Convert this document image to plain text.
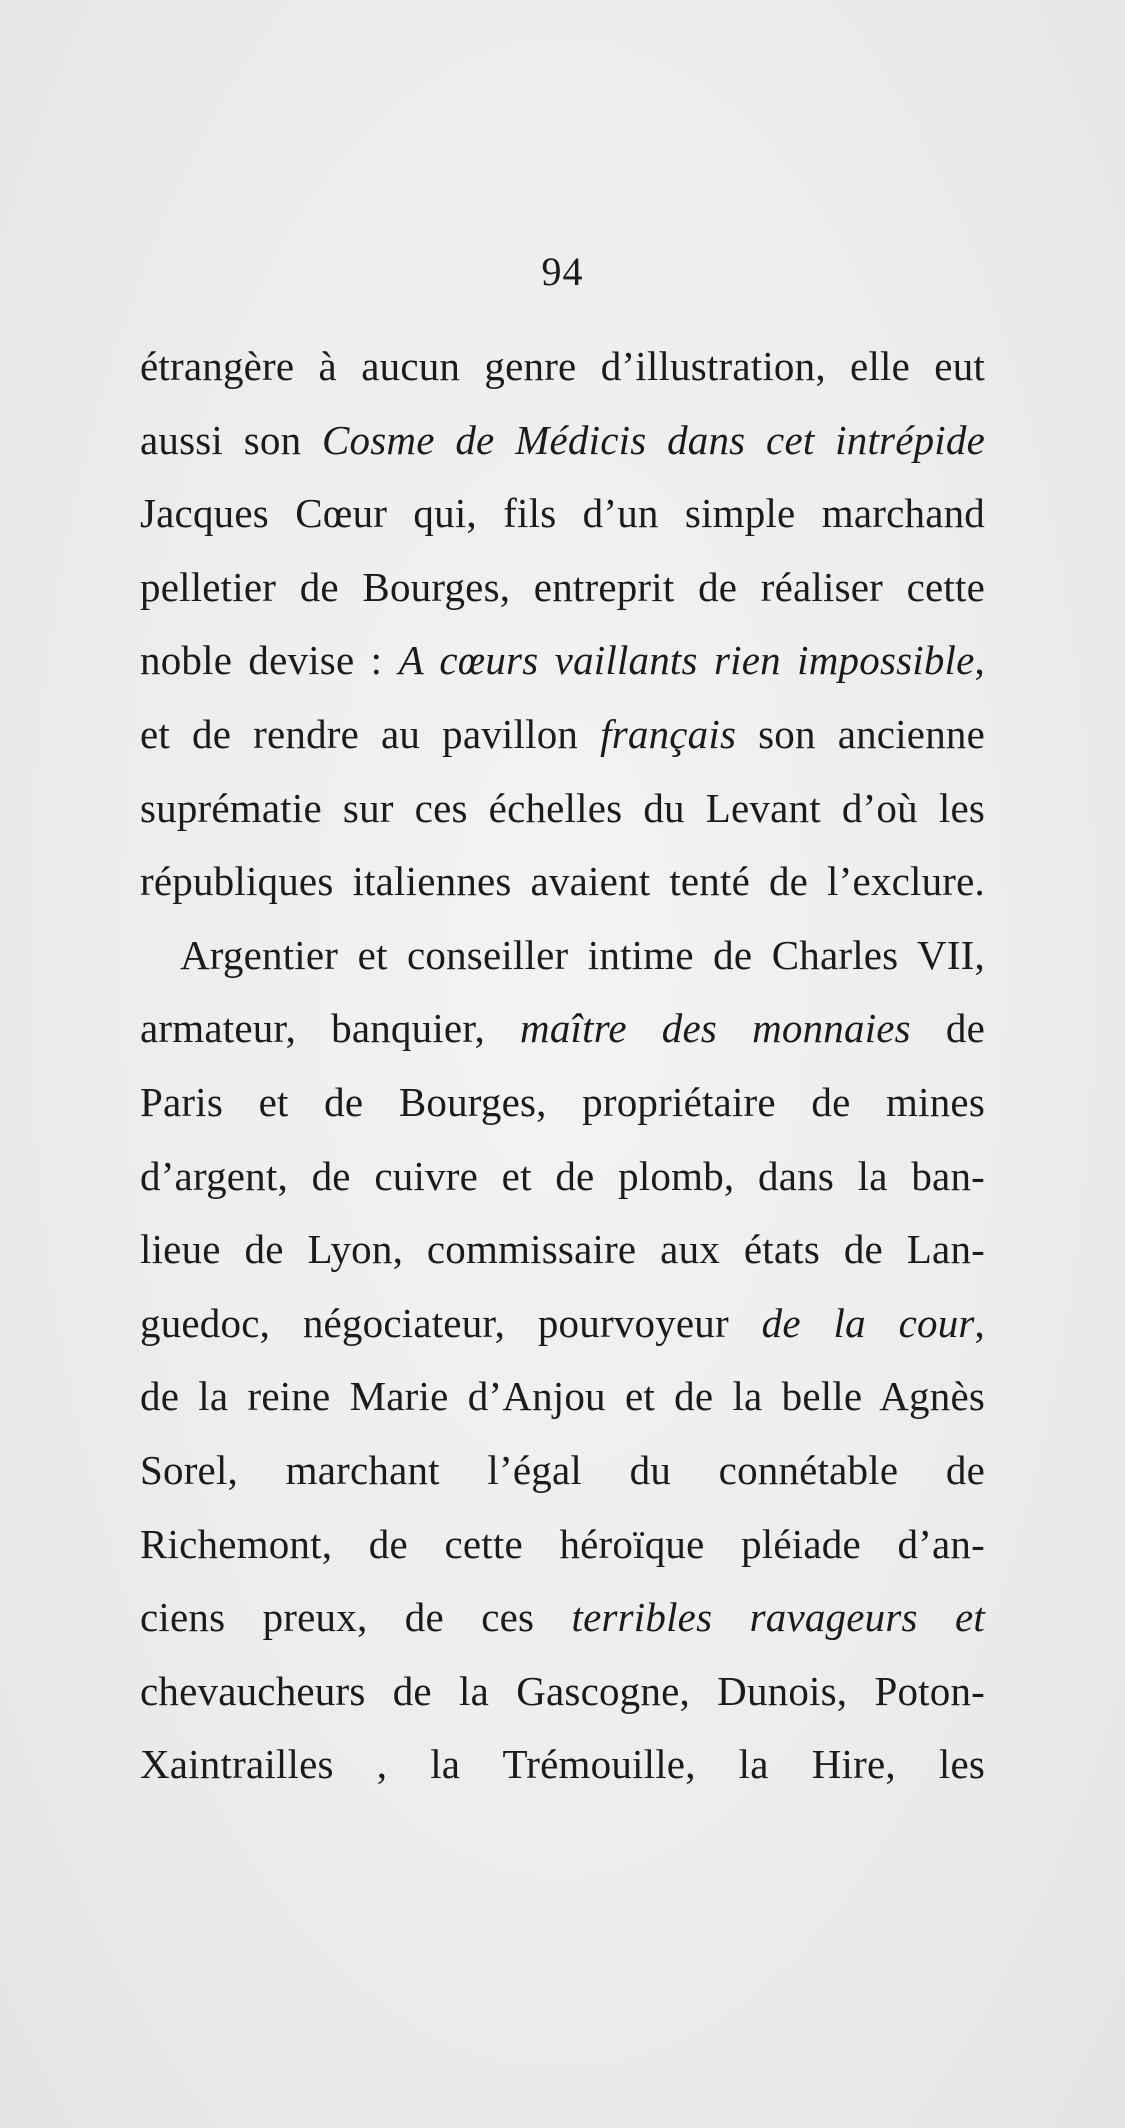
94
étrangère à aucun genre d’illustration, elle eut
aussi son Cosme de Médicis dans cet intrépide
Jacques Cœur qui, fils d’un simple marchand
pelletier de Bourges, entreprit de réaliser cette
noble devise : A cœurs vaillants rien impossible,
et de rendre au pavillon français son ancienne
suprématie sur ces échelles du Levant d’où les
républiques italiennes avaient tenté de l’exclure.
Argentier et conseiller intime de Charles VII,
armateur, banquier, maître des monnaies de
Paris et de Bourges, propriétaire de mines
d’argent, de cuivre et de plomb, dans la ban-
lieue de Lyon, commissaire aux états de Lan-
guedoc, négociateur, pourvoyeur de la cour,
de la reine Marie d’Anjou et de la belle Agnès
Sorel, marchant l’égal du connétable de
Richemont, de cette héroïque pléiade d’an-
ciens preux, de ces terribles ravageurs et
chevaucheurs de la Gascogne, Dunois, Poton-
Xaintrailles , la Trémouille, la Hire, les
